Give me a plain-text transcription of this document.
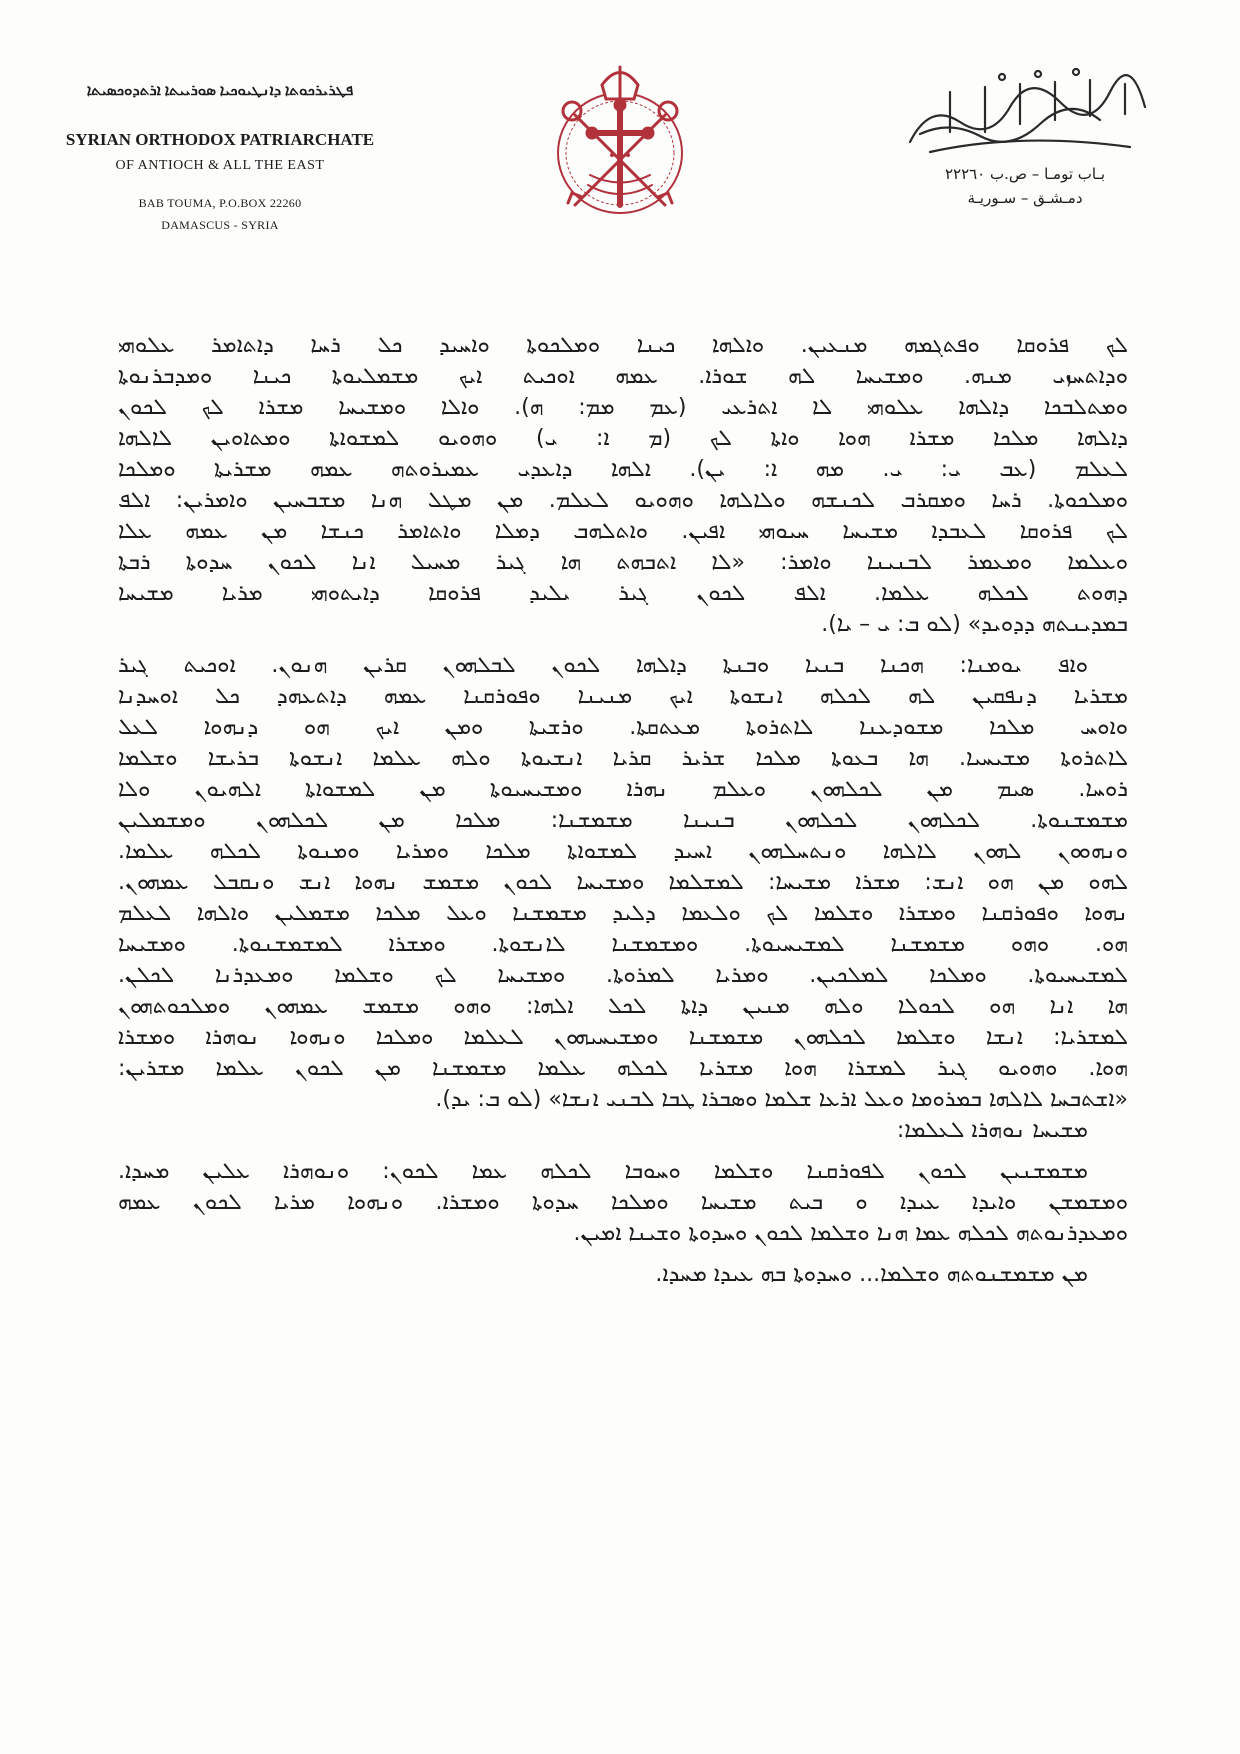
ܦܛܪܝܪܟܘܬܐ ܕܐܢܛܝܘܟܝܐ ܣܘܪܝܝܬܐ ܐܪܬܕܘܟܣܝܬܐ
SYRIAN ORTHODOX PATRIARCHATE
OF ANTIOCH & ALL THE EAST
BAB TOUMA, P.O.BOX 22260
DAMASCUS - SYRIA
بـاب تومـا – ص.ب ٢٢٢٦٠
دمـشـق – سـوريـة
ܠܟ ܦܪܘܩܐ ܘܦܬܓܡܗ ܡܢܥܝܢ. ܘܐܠܗܐ ܟܝܢܐ ܘܡܠܟܘܬܐ ܘܐܚܝܕ ܟܠ ܪܚܐ ܕܐܬܐܡܪ ܥܠܘܗܝ
ܘܕܐܬܚܙܝ ܡܢܗ. ܘܡܫܝܚܐ ܠܗ ܫܘܪܐ. ܥܡܗ ܐܘܟܝܬ ܐܝܟ ܡܫܡܠܝܘܬܐ ܟܝܢܐ ܘܡܕܒܪܢܘܬܐ
ܘܡܬܠܒܟܐ ܕܐܠܗܐ ܥܠܘܗܝ ܠܐ ܐܬܪܥܝ (ܥܡ ܡܡ: ܗ). ܘܐܠܐ ܘܡܫܝܚܐ ܡܫܪܐ ܠܟ ܠܟܘܢ
ܕܐܠܗܐ ܡܠܟܐ ܡܫܪܐ ܗܘܐ ܘܐܬܐ ܠܟ (ܡ ܐ: ܝ) ܘܗܘܝܘ ܠܡܫܘܐܬܐ ܘܡܬܐܘܝܢ ܠܐܠܗܐ
ܠܥܠܡ (ܥܒ ܝ: ܝ. ܡܗ ܐ: ܝܢ). ܐܠܗܐ ܕܐܥܕܝ ܥܡܝܪܘܬܗ ܥܡܗ ܡܫܪܝܬܐ ܘܡܠܟܐ
ܘܡܠܟܘܬܐ. ܪܚܐ ܘܡܩܪܒ ܠܟܢܫܗ ܘܠܐܠܗܐ ܘܗܘܝܘ ܠܥܠܡ. ܡܢ ܡܛܠ ܗܢܐ ܡܫܒܚܝܢ ܘܐܡܪܝܢ: ܐܠܦ
ܠܟ ܦܪܘܩܐ ܠܥܒܕܐ ܡܫܝܚܐ ܚܝܘܗܝ ܐܦܝܢ. ܘܐܬܠܗܒ ܕܡܠܐ ܘܐܬܐܡܪ ܟܢܫܐ ܡܢ ܥܡܗ ܥܠܐ
ܘܥܠܡܐ ܘܡܥܡܪ ܠܒܢܝܢܐ ܘܐܡܪ: «ܠܐ ܐܬܒܗܬ ܗܐ ܓܝܪ ܡܚܝܠ ܐܢܐ ܠܟܘܢ ܚܕܘܬܐ ܪܒܬܐ
ܕܗܘܬ ܠܟܠܗ ܥܠܡܐ. ܐܠܦ ܠܟܘܢ ܓܝܪ ܝܠܝܕ ܦܪܘܩܐ ܕܐܝܬܘܗܝ ܡܪܝܐ ܡܫܝܚܐ
ܒܡܕܝܢܬܗ ܕܕܘܝܕ» (ܠܘ ܒ: ܝ – ܝܐ).
ܘܐܦ ܝܘܡܢܐ: ܗܟܢܐ ܒܢܝܐ ܘܒܢܬܐ ܕܐܠܗܐ ܠܟܘܢ ܠܒܠܗܘܢ ܩܪܝܢ ܗܢܘܢ. ܐܘܟܝܬ ܓܝܪ
ܡܫܪܝܐ ܕܢܦܩܝܢ ܠܗ ܠܟܠܗ ܐܢܫܘܬܐ ܐܝܟ ܡܢܝܢܐ ܘܦܘܪܩܢܐ ܥܡܗ ܕܐܬܥܗܕ ܟܠ ܐܘܚܕܢܐ
ܘܐܘܚ ܡܠܟܐ ܡܫܘܕܥܢܐ ܠܐܬܪܘܬܐ ܡܥܬܩܬܐ. ܘܪܫܝܬܐ ܘܡܢ ܐܝܟ ܗܘ ܕܢܗܘܐ ܠܥܠ
ܠܐܬܪܘܬܐ ܡܫܝܚܝܐ. ܗܐ ܒܥܘܬܐ ܡܠܟܐ ܫܪܝܪ ܩܪܝܐ ܐܢܫܝܘܬܐ ܘܠܗ ܥܠܡܐ ܐܢܫܘܬܐ ܒܪܝܫܐ ܘܫܠܡܐ
ܪܘܚܐ. ܣܝܡ ܡܢ ܠܟܠܗܘܢ ܘܥܠܡ ܢܗܪܐ ܘܡܫܝܚܝܘܬܐ ܡܢ ܠܡܫܘܐܬܐ ܐܠܗܝܘܢ ܘܠܐ
ܡܫܡܫܢܘܬܐ. ܠܟܠܗܘܢ ܠܟܠܗܘܢ ܒܢܝܢܐ ܡܫܡܫܢܐ: ܡܠܟܐ ܡܢ ܠܟܠܗܘܢ ܘܡܫܡܠܝܢ
ܘܢܗܘܘܢ ܠܗܘܢ ܠܐܠܗܐ ܘܢܬܚܠܗܘܢ ܐܚܝܕ ܠܡܫܘܐܬܐ ܡܠܟܐ ܘܡܪܝܐ ܘܡܢܘܬܐ ܠܟܠܗ ܥܠܡܐ.
ܠܗܘ ܡܢ ܗܘ ܐܢܫ: ܡܫܪܐ ܡܫܝܚܐ: ܠܡܫܠܡܐ ܘܡܫܝܚܐ ܠܟܘܢ ܡܫܡܫ ܢܗܘܐ ܐܢܫ ܘܢܩܒܠ ܥܡܗܘܢ.
ܢܗܘܐ ܘܦܘܪܩܢܐ ܘܡܫܪܐ ܘܫܠܡܐ ܠܟ ܘܠܥܡܐ ܕܠܝܕ ܡܫܡܫܢܐ ܘܥܠ ܡܠܟܐ ܡܫܡܠܝܢ ܘܐܠܗܐ ܠܥܠܡ
ܗܘ. ܘܗܘ ܡܫܡܫܢܐ ܠܡܫܝܚܝܘܬܐ. ܘܡܫܡܫܢܐ ܠܐܢܫܘܬܐ. ܘܡܫܪܐ ܠܡܫܡܫܢܘܬܐ. ܘܡܫܝܚܐ
ܠܡܫܝܚܝܘܬܐ. ܘܡܠܟܐ ܠܡܠܟܝܢ. ܘܡܪܝܐ ܠܡܪܘܬܐ. ܘܡܫܝܚܐ ܠܟ ܘܫܠܡܐ ܘܡܥܕܪܢܐ ܠܟܠܢ.
ܗܐ ܐܢܐ ܗܘ ܠܟܘܠܐ ܘܠܗ ܡܢܝܢ ܕܐܬܐ ܠܟܠ ܐܠܗܐ: ܘܗܘ ܡܫܡܫ ܥܡܗܘܢ ܘܡܠܟܘܬܗܘܢ
ܠܡܫܪܝܐ: ܐܢܫܐ ܘܫܠܡܐ ܠܟܠܗܘܢ ܡܫܡܫܢܐ ܘܡܫܝܚܝܗܘܢ ܠܥܠܡܐ ܘܡܠܟܐ ܘܢܗܘܐ ܢܘܗܪܐ ܘܡܫܪܐ
ܗܘܐ. ܘܗܘܝܘ ܓܝܪ ܠܡܫܪܐ ܗܘܐ ܡܫܪܝܐ ܠܟܠܗ ܥܠܡܐ ܡܫܡܫܢܐ ܡܢ ܠܟܘܢ ܥܠܡܐ ܡܫܪܝܢ:
«ܐܫܬܒܚܐ ܠܐܠܗܐ ܒܡܪܘܡܐ ܘܥܠ ܐܪܥܐ ܫܠܡܐ ܘܣܒܪܐ ܛܒܐ ܠܒܢܝ ܐܢܫܐ» (ܠܘ ܒ: ܝܕ).
ܡܫܝܚܐ ܢܘܗܪܐ ܠܥܠܡܐ:
ܡܫܡܫܢܝܢ ܠܟܘܢ ܠܦܘܪܩܢܐ ܘܫܠܡܐ ܘܚܘܒܐ ܠܟܠܗ ܥܡܐ ܠܟܘܢ: ܘܢܘܗܪܐ ܥܠܝܢ ܡܚܕܐ.
ܘܡܫܡܫܢ ܘܐܝܕܐ ܥܝܕܐ ܘ ܒܝܬ ܡܫܝܚܐ ܘܡܠܟܐ ܚܕܘܬܐ ܘܡܫܪܐ. ܘܢܗܘܐ ܡܪܝܐ ܠܟܘܢ ܥܡܗ
ܘܡܥܕܪܢܘܬܗ ܠܟܠܗ ܥܡܐ ܗܢܐ ܘܫܠܡܐ ܠܟܘܢ ܘܚܕܘܬܐ ܘܫܝܢܐ ܐܡܝܢ.
ܡܢ ܡܫܡܫܢܘܬܗ ܘܫܠܡܐ... ܘܚܕܘܬܐ ܒܗ ܥܝܕܐ ܡܚܕܐ.
